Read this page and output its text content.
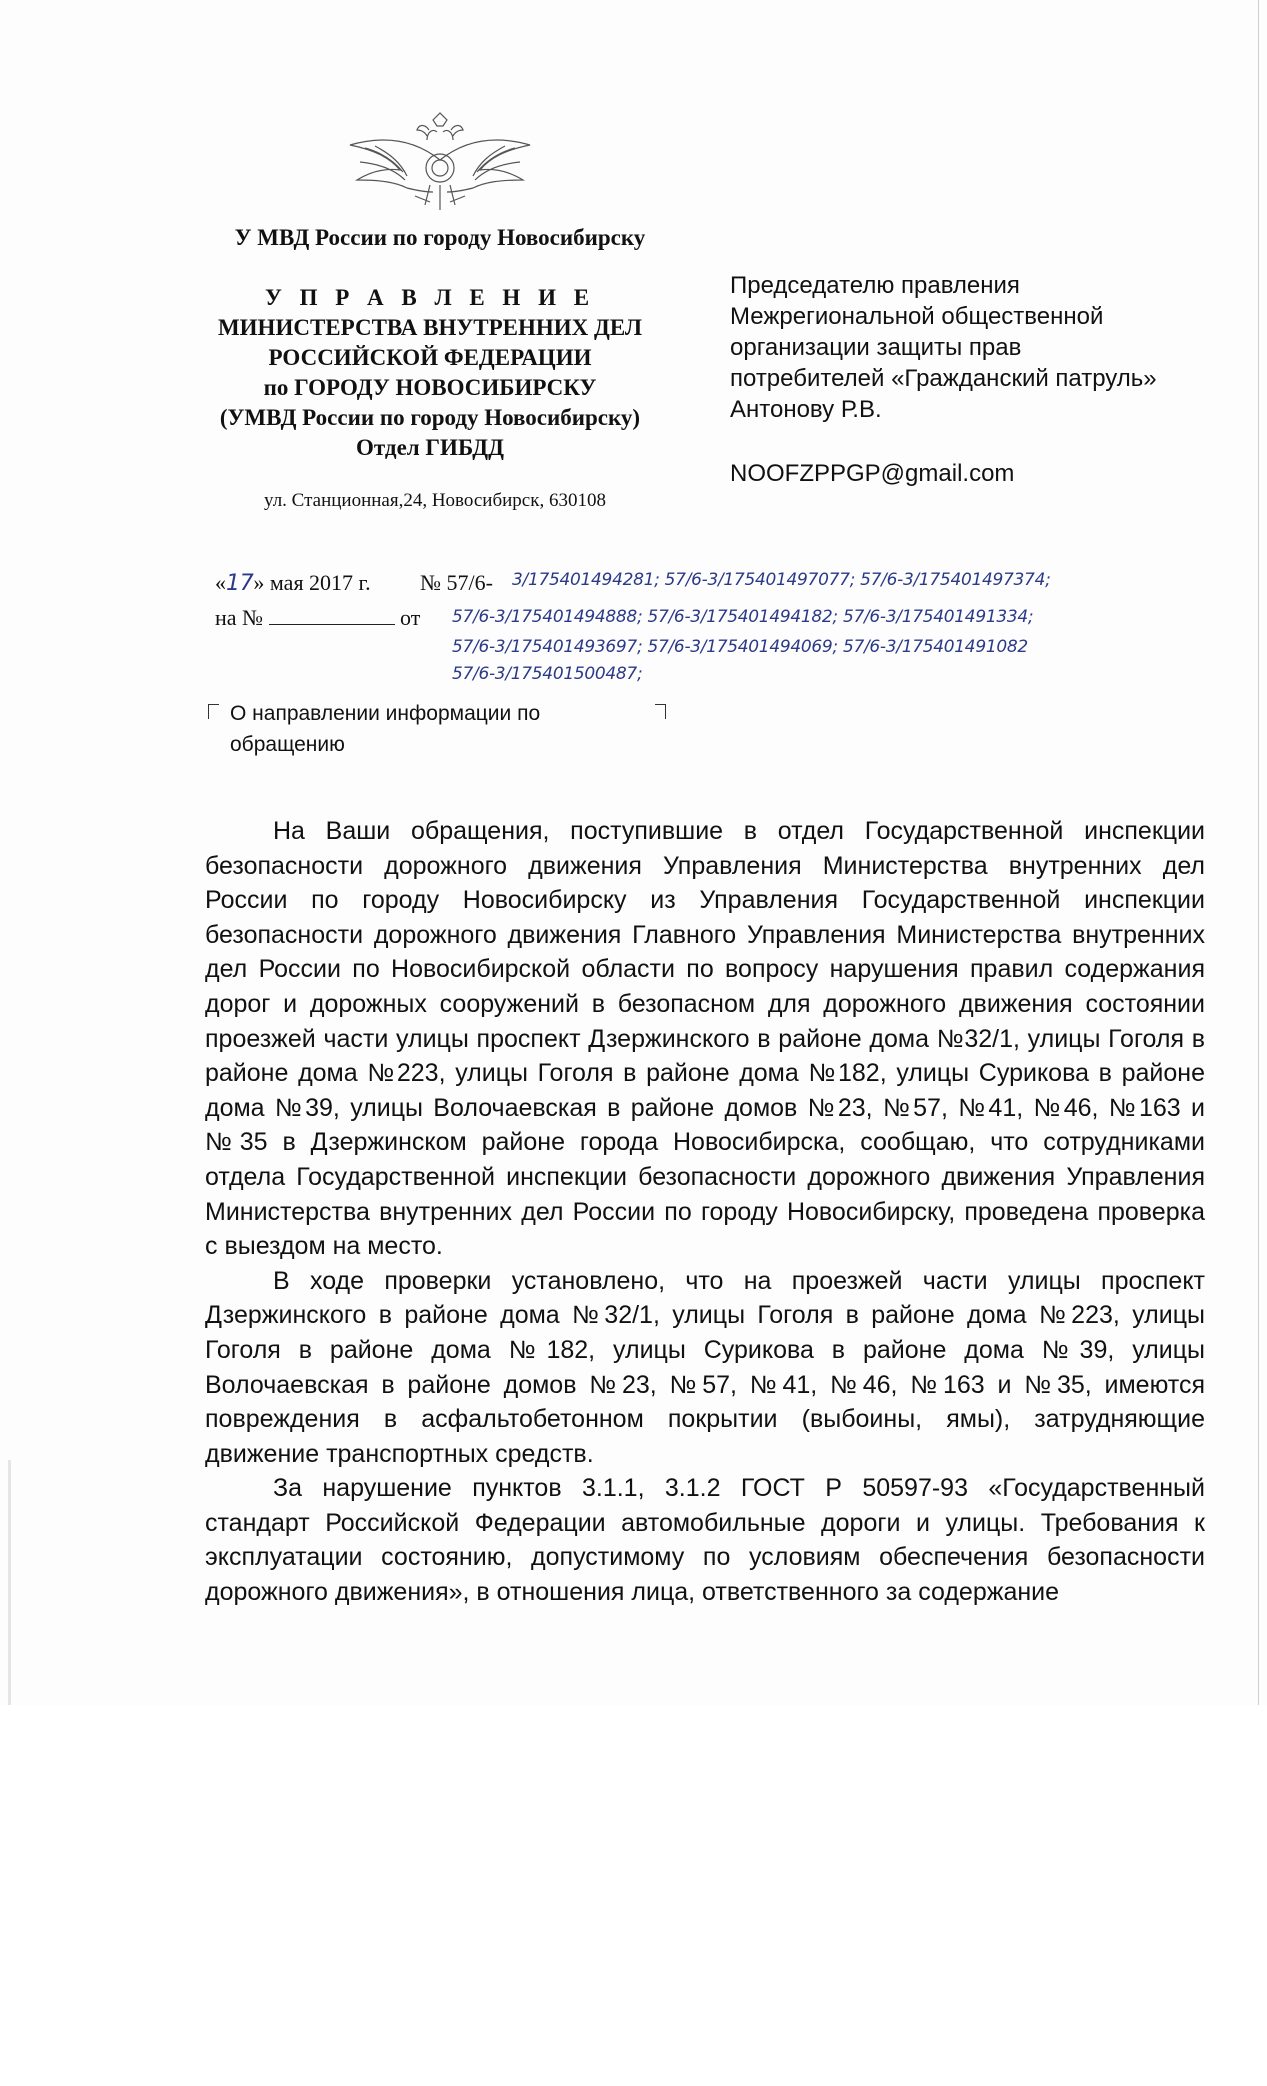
У МВД России по городу Новосибирску
У П Р А В Л Е Н И Е
МИНИСТЕРСТВА ВНУТРЕННИХ ДЕЛ
РОССИЙСКОЙ ФЕДЕРАЦИИ
по ГОРОДУ НОВОСИБИРСКУ
(УМВД России по городу Новосибирску)
Отдел ГИБДД
ул. Станционная,24, Новосибирск, 630108
Председателю правления
Межрегиональной общественной
организации защиты прав
потребителей «Гражданский патруль»
Антонову Р.В.
NOOFZPPGP@gmail.com
«17» мая 2017 г. № 57/6- 3/175401494281; 57/6-3/175401497077; 57/6-3/175401497374;
на №	от 57/6-3/175401494888; 57/6-3/175401494182; 57/6-3/175401491334;
57/6-3/175401493697; 57/6-3/175401494069; 57/6-3/175401491082
57/6-3/175401500487;
О направлении информации по
обращению

На Ваши обращения, поступившие в отдел Государственной инспекции безопасности дорожного движения Управления Министерства внутренних дел России по городу Новосибирску из Управления Государственной инспекции безопасности дорожного движения Главного Управления Министерства внутренних дел России по Новосибирской области по вопросу нарушения правил содержания дорог и дорожных сооружений в безопасном для дорожного движения состоянии проезжей части улицы проспект Дзержинского в районе дома №32/1, улицы Гоголя в районе дома №223, улицы Гоголя в районе дома №182, улицы Сурикова в районе дома №39, улицы Волочаевская в районе домов №23, №57, №41, №46, №163 и №35 в Дзержинском районе города Новосибирска, сообщаю, что сотрудниками отдела Государственной инспекции безопасности дорожного движения Управления Министерства внутренних дел России по городу Новосибирску, проведена проверка с выездом на место.

В ходе проверки установлено, что на проезжей части улицы проспект Дзержинского в районе дома №32/1, улицы Гоголя в районе дома №223, улицы Гоголя в районе дома №182, улицы Сурикова в районе дома №39, улицы Волочаевская в районе домов №23, №57, №41, №46, №163 и №35, имеются повреждения в асфальтобетонном покрытии (выбоины, ямы), затрудняющие движение транспортных средств.

За нарушение пунктов 3.1.1, 3.1.2 ГОСТ Р 50597-93 «Государственный стандарт Российской Федерации автомобильные дороги и улицы. Требования к эксплуатации состоянию, допустимому по условиям обеспечения безопасности дорожного движения», в отношения лица, ответственного за содержание
